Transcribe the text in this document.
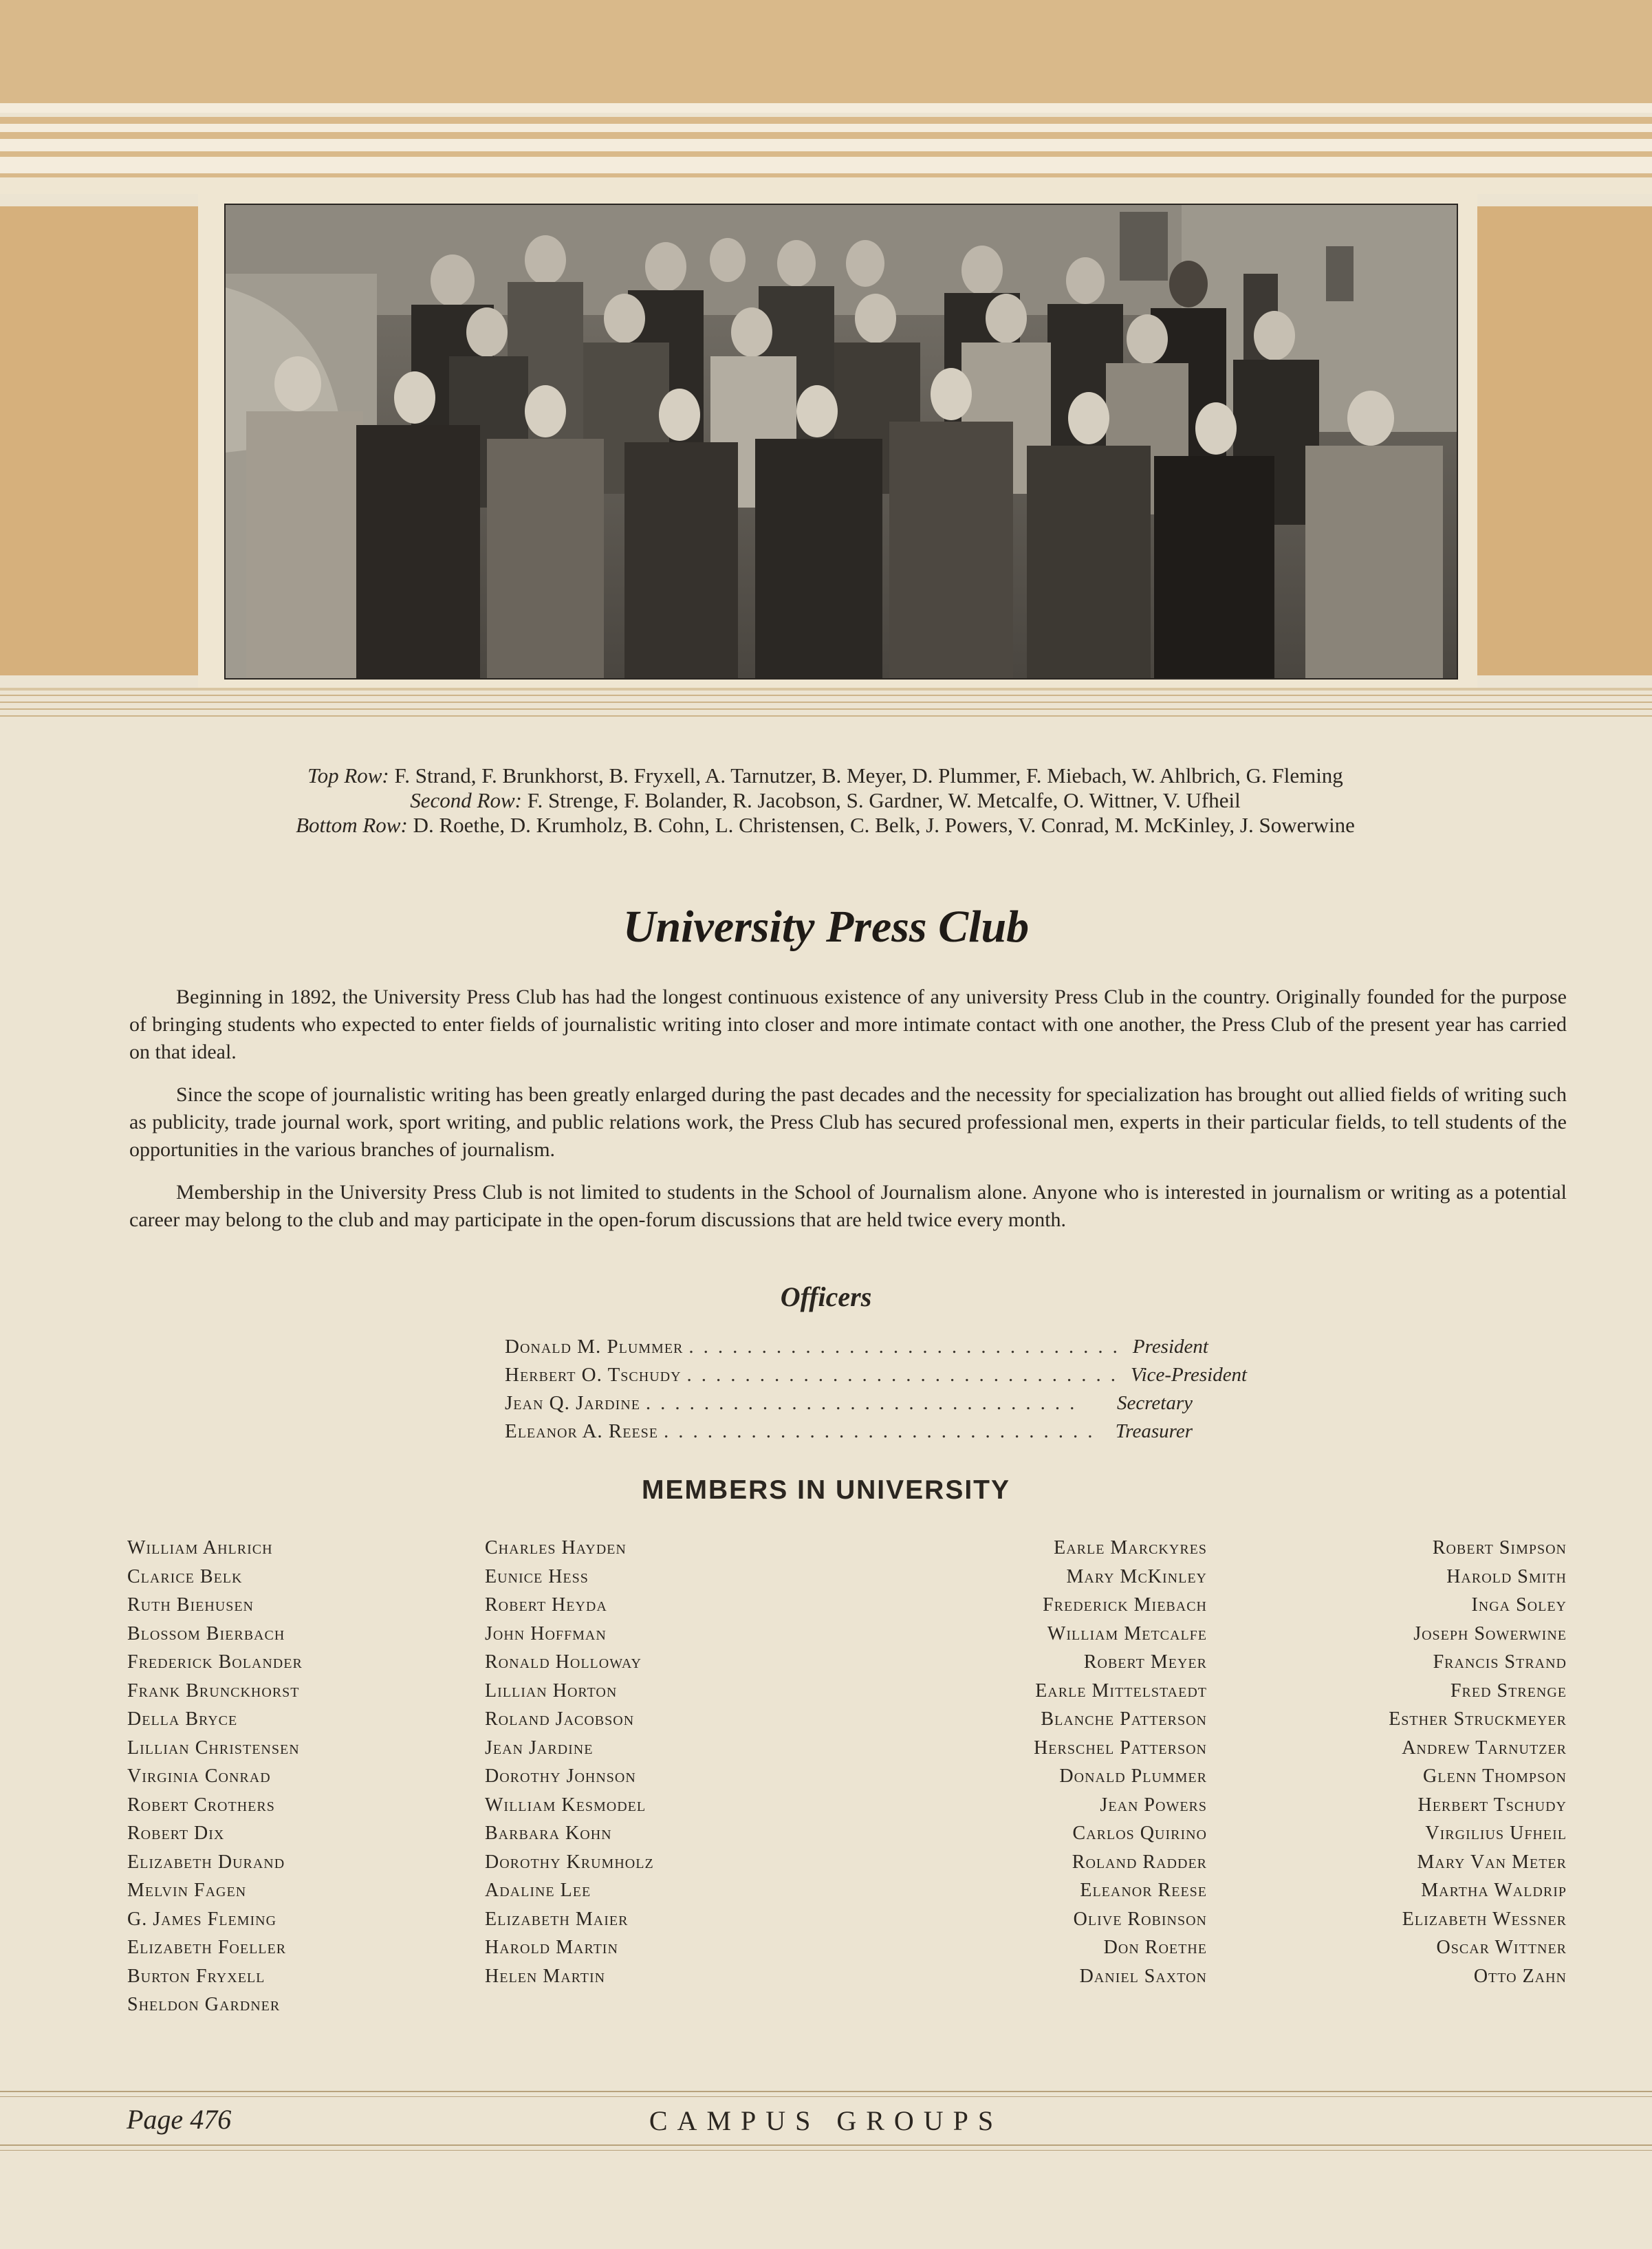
Top Row: F. Strand, F. Brunkhorst, B. Fryxell, A. Tarnutzer, B. Meyer, D. Plummer, F. Miebach, W. Ahlbrich, G. Fleming
Second Row: F. Strenge, F. Bolander, R. Jacobson, S. Gardner, W. Metcalfe, O. Wittner, V. Ufheil
Bottom Row: D. Roethe, D. Krumholz, B. Cohn, L. Christensen, C. Belk, J. Powers, V. Conrad, M. McKinley, J. Sowerwine
University Press Club

Beginning in 1892, the University Press Club has had the longest continuous existence of any university Press Club in the country. Originally founded for the purpose of bringing students who expected to enter fields of journalistic writing into closer and more intimate contact with one another, the Press Club of the present year has carried on that ideal.

Since the scope of journalistic writing has been greatly enlarged during the past decades and the necessity for specialization has brought out allied fields of writing such as publicity, trade journal work, sport writing, and public relations work, the Press Club has secured professional men, experts in their particular fields, to tell students of the opportunities in the various branches of journalism.

Membership in the University Press Club is not limited to students in the School of Journalism alone. Anyone who is interested in journalism or writing as a potential career may belong to the club and may participate in the open-forum discussions that are held twice every month.

Officers
Donald M. Plummer .............................. President
Herbert O. Tschudy .............................. Vice-President
Jean Q. Jardine ..............................	Secretary
Eleanor A. Reese .............................. Treasurer
MEMBERS IN UNIVERSITY
William Ahlrich
Clarice Belk
Ruth Biehusen
Blossom Bierbach
Frederick Bolander
Frank Brunckhorst
Della Bryce
Lillian Christensen
Virginia Conrad
Robert Crothers
Robert Dix
Elizabeth Durand
Melvin Fagen
G. James Fleming
Elizabeth Foeller
Burton Fryxell
Sheldon Gardner
Charles Hayden
Eunice Hess
Robert Heyda
John Hoffman
Ronald Holloway
Lillian Horton
Roland Jacobson
Jean Jardine
Dorothy Johnson
William Kesmodel
Barbara Kohn
Dorothy Krumholz
Adaline Lee
Elizabeth Maier
Harold Martin
Helen Martin
Earle Marckyres
Mary McKinley
Frederick Miebach
William Metcalfe
Robert Meyer
Earle Mittelstaedt
Blanche Patterson
Herschel Patterson
Donald Plummer
Jean Powers
Carlos Quirino
Roland Radder
Eleanor Reese
Olive Robinson
Don Roethe
Daniel Saxton
Robert Simpson
Harold Smith
Inga Soley
Joseph Sowerwine
Francis Strand
Fred Strenge
Esther Struckmeyer
Andrew Tarnutzer
Glenn Thompson
Herbert Tschudy
Virgilius Ufheil
Mary Van Meter
Martha Waldrip
Elizabeth Wessner
Oscar Wittner
Otto Zahn
Page 476	CAMPUS GROUPS
